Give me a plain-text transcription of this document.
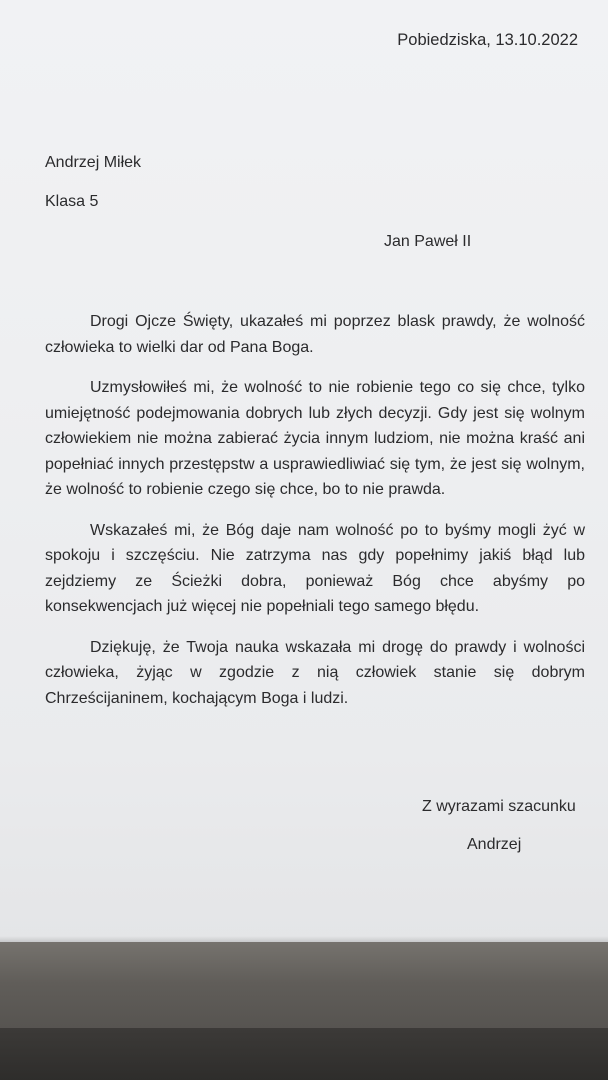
Pobiedziska, 13.10.2022
Andrzej Miłek
Klasa 5
Jan Paweł II

Drogi Ojcze Święty, ukazałeś mi poprzez blask prawdy, że wolność człowieka to wielki dar od Pana Boga.

Uzmysłowiłeś mi, że wolność to nie robienie tego co się chce, tylko umiejętność podejmowania dobrych lub złych decyzji. Gdy jest się wolnym człowiekiem nie można zabierać życia innym ludziom, nie można kraść ani popełniać innych przestępstw a usprawiedliwiać się tym, że jest się wolnym, że wolność to robienie czego się chce, bo to nie prawda.

Wskazałeś mi, że Bóg daje nam wolność po to byśmy mogli żyć w spokoju i szczęściu. Nie zatrzyma nas gdy popełnimy jakiś błąd lub zejdziemy ze Ścieżki dobra, ponieważ Bóg chce abyśmy po konsekwencjach już więcej nie popełniali tego samego błędu.

Dziękuję, że Twoja nauka wskazała mi drogę do prawdy i wolności człowieka, żyjąc w zgodzie z nią człowiek stanie się dobrym Chrześcijaninem, kochającym Boga i ludzi.

Z wyrazami szacunku
Andrzej
